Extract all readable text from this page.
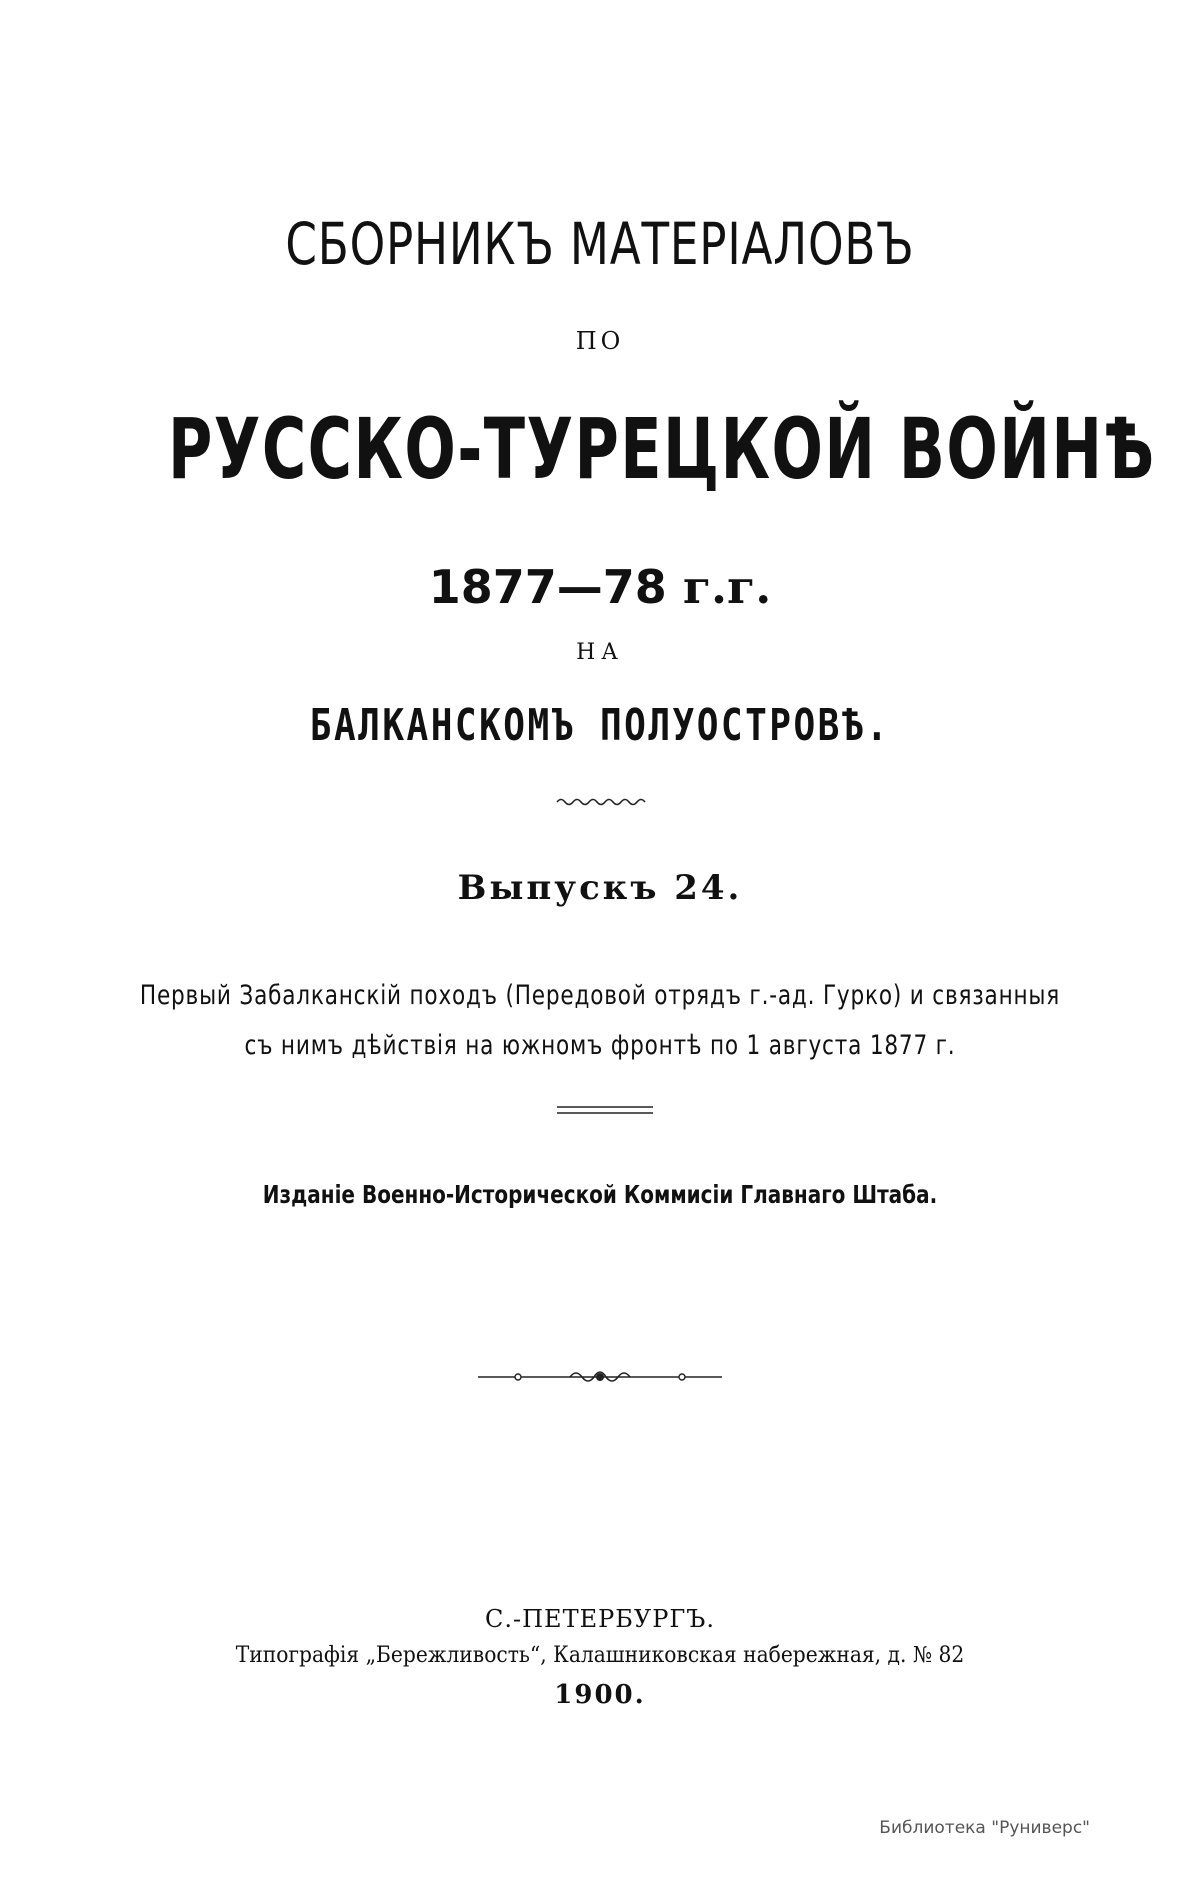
СБОРНИКЪ МАТЕРIАЛОВЪ
ПО
РУССКО-ТУРЕЦКОЙ ВОЙНѢ
1877—78 г.г.
НА
БАЛКАНСКОМЪ ПОЛУОСТРОВѢ.
Выпускъ 24.
Первый Забалканскiй походъ (Передовой отрядъ г.-ад. Гурко) и связанныя
съ нимъ дѣйствiя на южномъ фронтѣ по 1 августа 1877 г.
Изданiе Военно-Исторической Коммисiи Главнаго Штаба.
С.-ПЕТЕРБУРГЪ.
Типографiя „Бережливость“, Калашниковская набережная, д. № 82
1900.
Библиотека "Руниверс"
